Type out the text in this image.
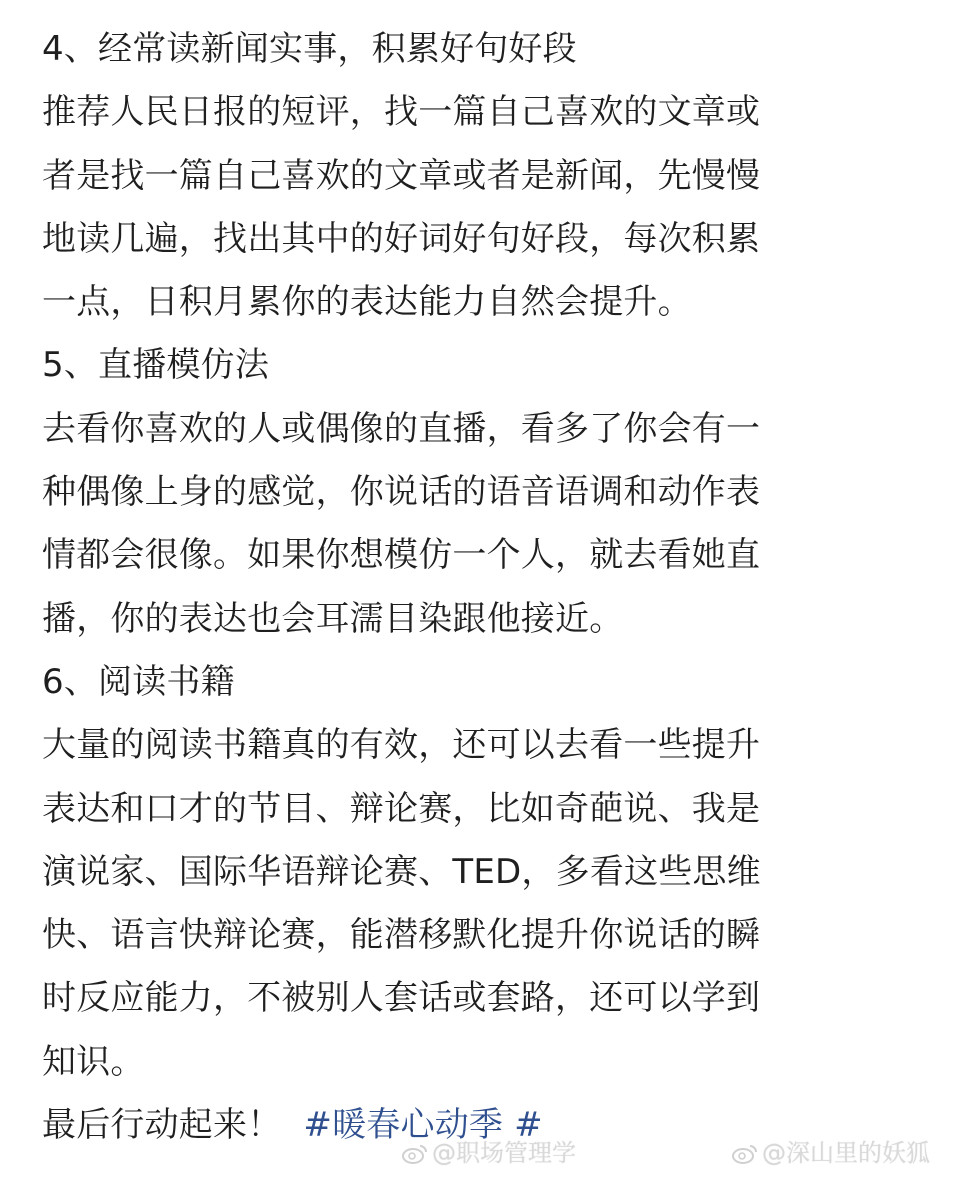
4、经常读新闻实事，积累好句好段
推荐人民日报的短评，找一篇自己喜欢的文章或
者是找一篇自己喜欢的文章或者是新闻，先慢慢
地读几遍，找出其中的好词好句好段，每次积累
一点，日积月累你的表达能力自然会提升。
5、直播模仿法
去看你喜欢的人或偶像的直播，看多了你会有一
种偶像上身的感觉，你说话的语音语调和动作表
情都会很像。如果你想模仿一个人，就去看她直
播，你的表达也会耳濡目染跟他接近。
6、阅读书籍
大量的阅读书籍真的有效，还可以去看一些提升
表达和口才的节目、辩论赛，比如奇葩说、我是
演说家、国际华语辩论赛、TED，多看这些思维
快、语言快辩论赛，能潜移默化提升你说话的瞬
时反应能力，不被别人套话或套路，还可以学到
知识。
最后行动起来！ #暖春心动季 #
@职场管理学	@深山里的妖狐
